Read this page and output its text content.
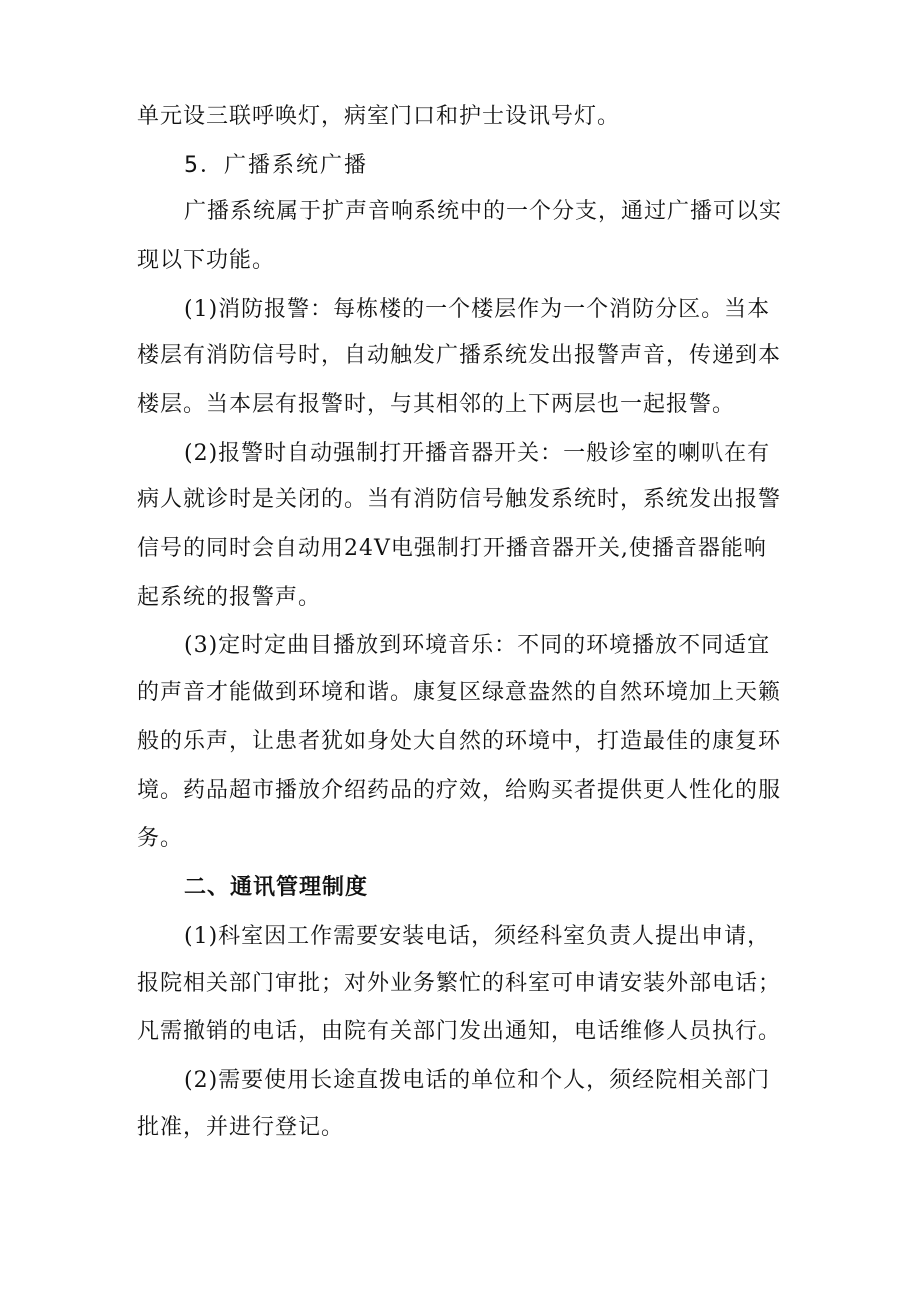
单元设三联呼唤灯，病室门口和护士设讯号灯。
5．广播系统广播
广播系统属于扩声音响系统中的一个分支，通过广播可以实
现以下功能。
(1)消防报警：每栋楼的一个楼层作为一个消防分区。当本
楼层有消防信号时，自动触发广播系统发出报警声音，传递到本
楼层。当本层有报警时，与其相邻的上下两层也一起报警。
(2)报警时自动强制打开播音器开关：一般诊室的喇叭在有
病人就诊时是关闭的。当有消防信号触发系统时，系统发出报警
信号的同时会自动用24V电强制打开播音器开关,使播音器能响
起系统的报警声。
(3)定时定曲目播放到环境音乐：不同的环境播放不同适宜
的声音才能做到环境和谐。康复区绿意盎然的自然环境加上天籁
般的乐声，让患者犹如身处大自然的环境中，打造最佳的康复环
境。药品超市播放介绍药品的疗效，给购买者提供更人性化的服
务。
二、通讯管理制度
(1)科室因工作需要安装电话，须经科室负责人提出申请，
报院相关部门审批；对外业务繁忙的科室可申请安装外部电话；
凡需撤销的电话，由院有关部门发出通知，电话维修人员执行。
(2)需要使用长途直拨电话的单位和个人，须经院相关部门
批准，并进行登记。
